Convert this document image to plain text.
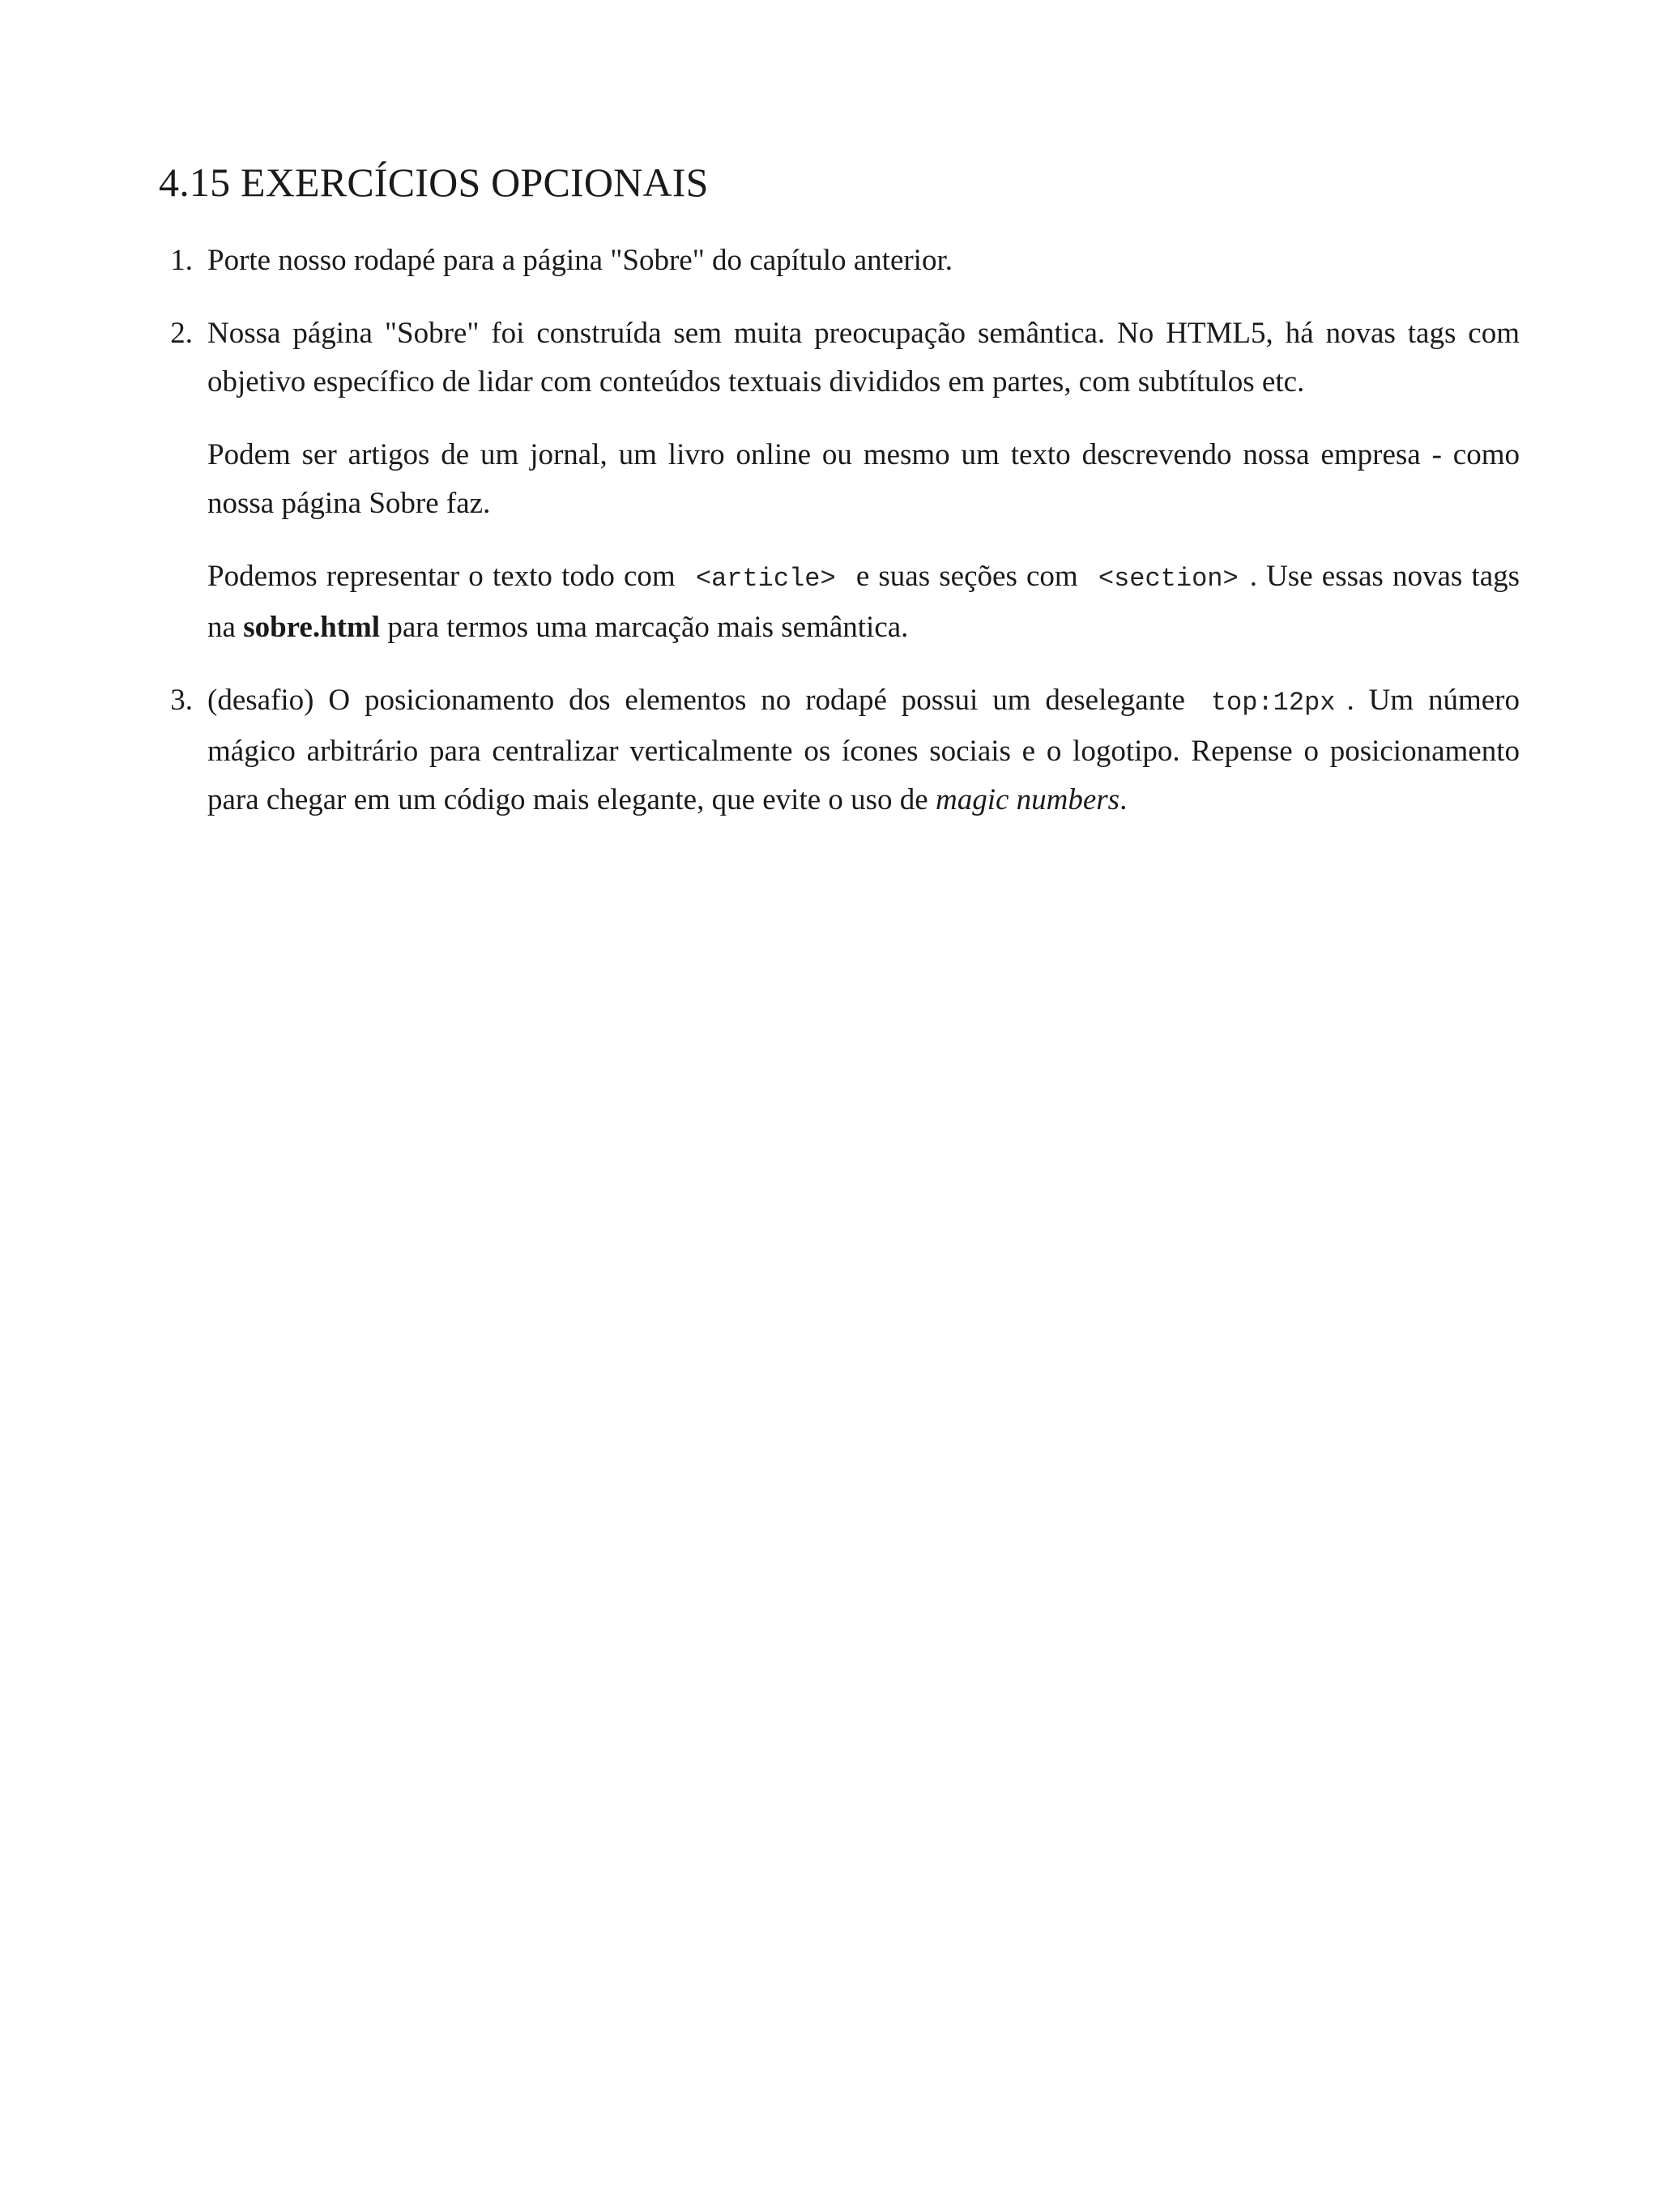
4.15 EXERCÍCIOS OPCIONAIS
1. Porte nosso rodapé para a página "Sobre" do capítulo anterior.

2. Nossa página "Sobre" foi construída sem muita preocupação semântica. No HTML5, há novas tags com objetivo específico de lidar com conteúdos textuais divididos em partes, com subtítulos etc.

Podem ser artigos de um jornal, um livro online ou mesmo um texto descrevendo nossa empresa - como nossa página Sobre faz.

Podemos representar o texto todo com <article> e suas seções com <section> . Use essas novas tags na sobre.html para termos uma marcação mais semântica.

3. (desafio) O posicionamento dos elementos no rodapé possui um deselegante top:12px . Um número mágico arbitrário para centralizar verticalmente os ícones sociais e o logotipo. Repense o posicionamento para chegar em um código mais elegante, que evite o uso de magic numbers.
